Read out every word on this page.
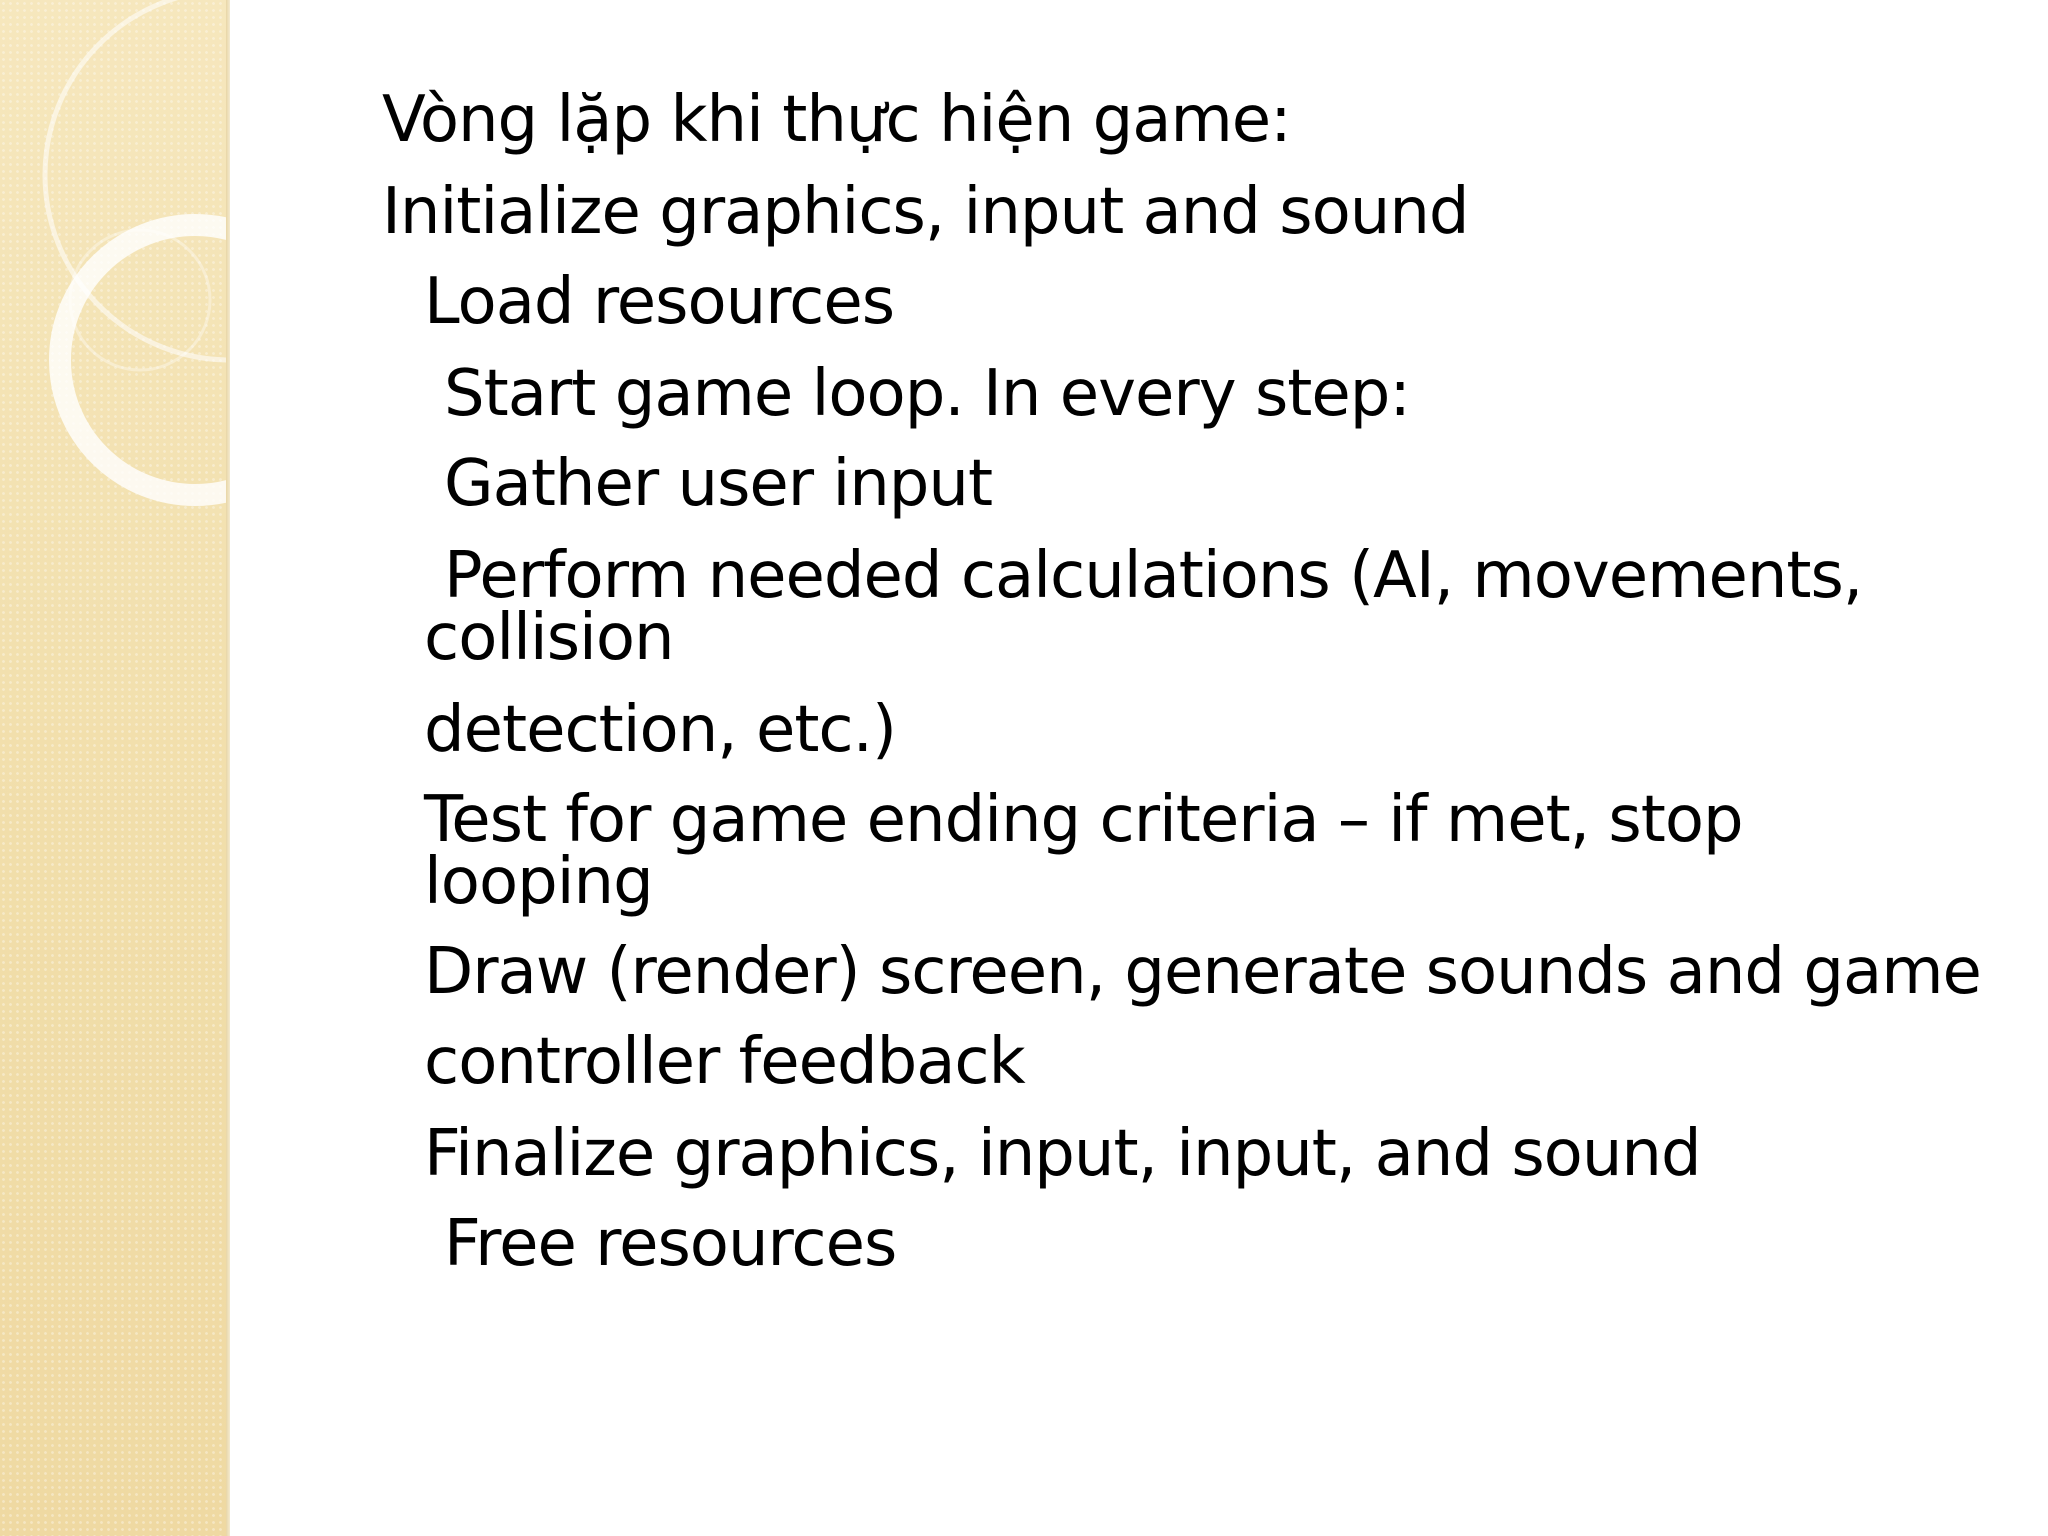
Vòng lặp khi thực hiện game:
Initialize graphics, input and sound
Load resources
Start game loop. In every step:
Gather user input
Perform needed calculations (AI, movements,
collision
detection, etc.)
Test for game ending criteria – if met, stop
looping
Draw (render) screen, generate sounds and game
controller feedback
Finalize graphics, input, input, and sound
Free resources
